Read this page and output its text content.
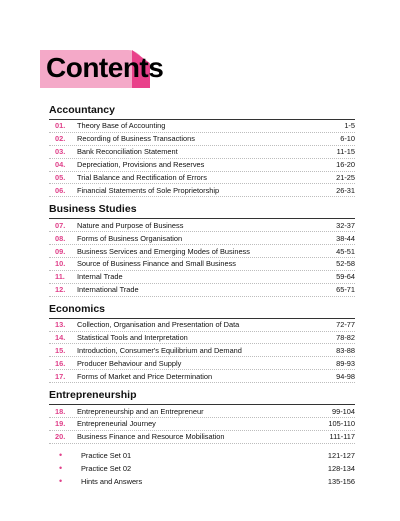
Contents
Accountancy
01.	Theory Base of Accounting	1-5
02.	Recording of Business Transactions	6-10
03.	Bank Reconciliation Statement	11-15
04.	Depreciation, Provisions and Reserves	16-20
05.	Trial Balance and Rectification of Errors	21-25
06.	Financial Statements of Sole Proprietorship	26-31
Business Studies
07.	Nature and Purpose of Business	32-37
08.	Forms of Business Organisation	38-44
09.	Business Services and Emerging Modes of Business	45-51
10.	Source of Business Finance and Small Business	52-58
11.	Internal Trade	59-64
12.	International Trade	65-71
Economics
13.	Collection, Organisation and Presentation of Data	72-77
14.	Statistical Tools and Interpretation	78-82
15.	Introduction, Consumer's Equilibrium and Demand	83-88
16.	Producer Behaviour and Supply	89-93
17.	Forms of Market and Price Determination	94-98
Entrepreneurship
18.	Entrepreneurship and an Entrepreneur	99-104
19.	Entrepreneurial Journey	105-110
20.	Business Finance and Resource Mobilisation	111-117
•	Practice Set 01	121-127
•	Practice Set 02	128-134
•	Hints and Answers	135-156
